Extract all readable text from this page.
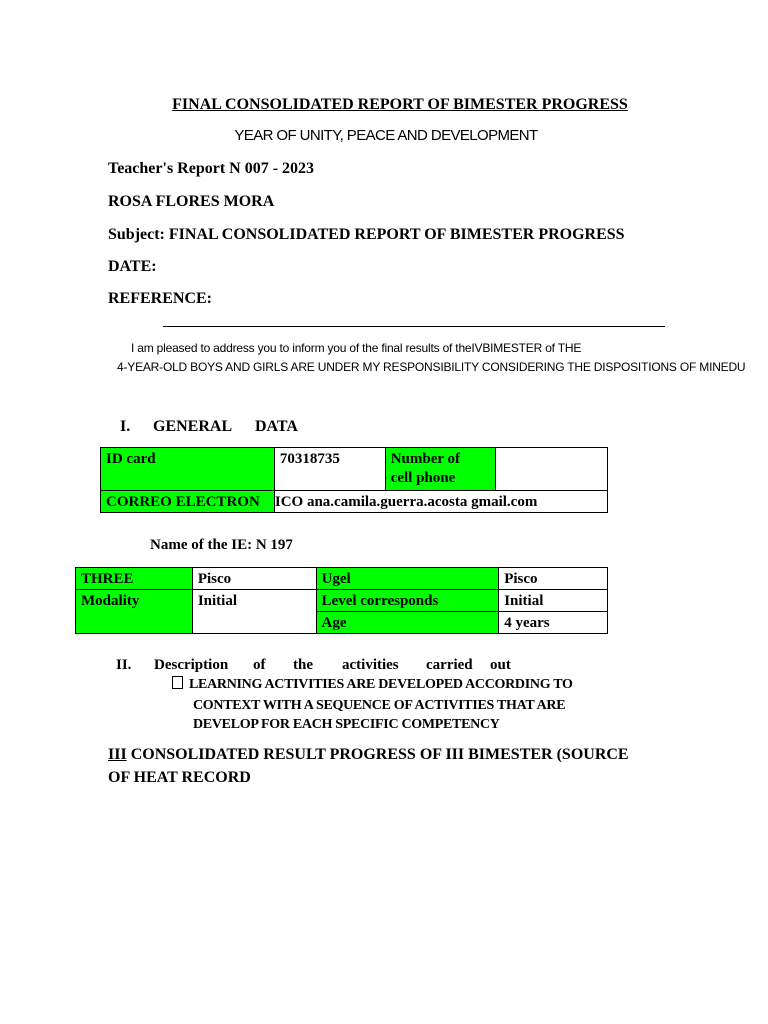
FINAL CONSOLIDATED REPORT OF BIMESTER PROGRESS
YEAR OF UNITY, PEACE AND DEVELOPMENT
Teacher's Report N 007 - 2023
ROSA FLORES MORA
Subject: FINAL CONSOLIDATED REPORT OF BIMESTER PROGRESS
DATE:
REFERENCE:
I am pleased to address you to inform you of the final results of theIVBIMESTER of THE
4-YEAR-OLD BOYS AND GIRLS ARE UNDER MY RESPONSIBILITY CONSIDERING THE DISPOSITIONS OF MINEDU
I. GENERAL DATA
ID card	70318735	Number of
cell phone	
CORREO ELECTRON	ICO ana.camila.guerra.acosta gmail.com		
Name of the IE: N 197
THREE	Pisco	Ugel	Pisco
Modality	Initial	Level corresponds	Initial
		Age	4 years
II. Description of the activities carried out
LEARNING ACTIVITIES ARE DEVELOPED ACCORDING TO
CONTEXT WITH A SEQUENCE OF ACTIVITIES THAT ARE
DEVELOP FOR EACH SPECIFIC COMPETENCY
III CONSOLIDATED RESULT PROGRESS OF III BIMESTER (SOURCE
OF HEAT RECORD
